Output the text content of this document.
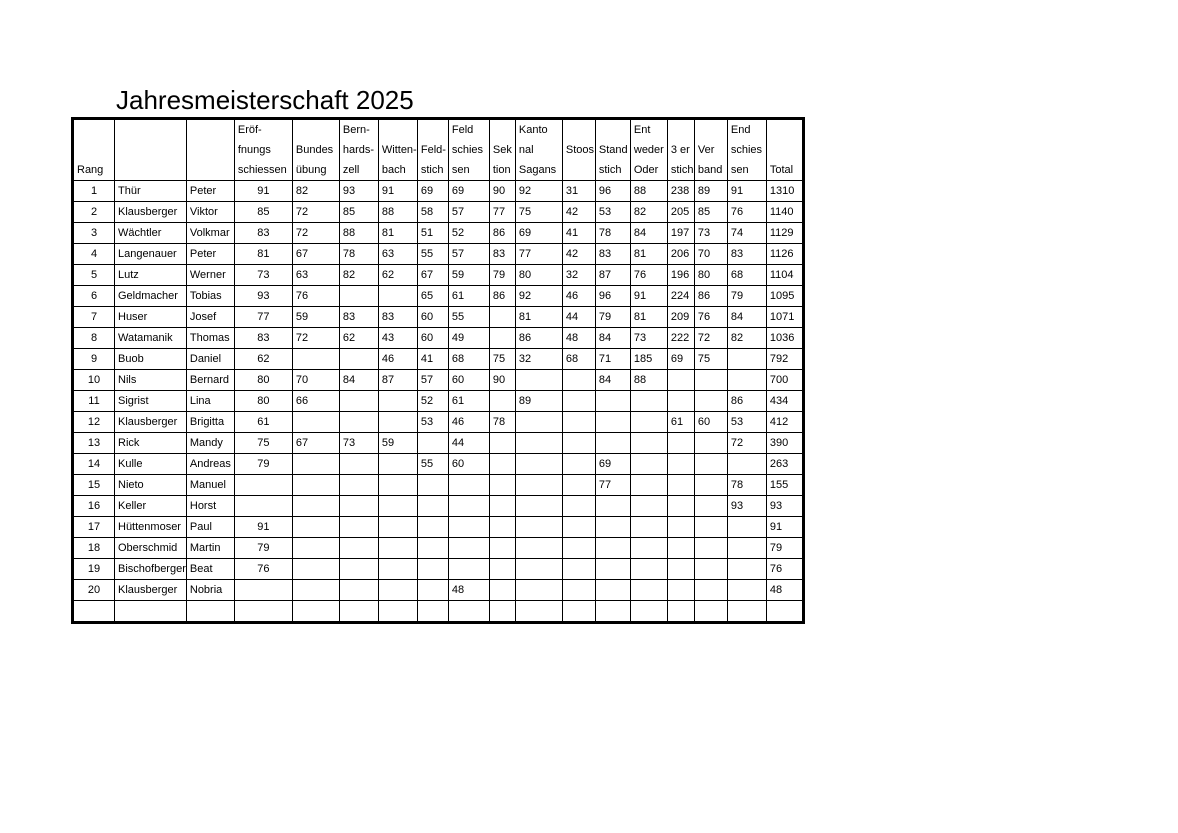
Jahresmeisterschaft 2025
			Eröf-		Bern-			Feld		Kanto			Ent			End	
			fnungs	Bundes	hards-	Witten-	Feld-	schies	Sek	nal	Stoos	Stand	weder	3 er	Ver	schies	
Rang			schiessen	übung	zell	bach	stich	sen	tion	Sagans		stich	Oder	stich	band	sen	Total
1	Thür	Peter	91	82	93	91	69	69	90	92	31	96	88	238	89	91	1310
2	Klausberger	Viktor	85	72	85	88	58	57	77	75	42	53	82	205	85	76	1140
3	Wächtler	Volkmar	83	72	88	81	51	52	86	69	41	78	84	197	73	74	1129
4	Langenauer	Peter	81	67	78	63	55	57	83	77	42	83	81	206	70	83	1126
5	Lutz	Werner	73	63	82	62	67	59	79	80	32	87	76	196	80	68	1104
6	Geldmacher	Tobias	93	76			65	61	86	92	46	96	91	224	86	79	1095
7	Huser	Josef	77	59	83	83	60	55		81	44	79	81	209	76	84	1071
8	Watamanik	Thomas	83	72	62	43	60	49		86	48	84	73	222	72	82	1036
9	Buob	Daniel	62			46	41	68	75	32	68	71	185	69	75		792
10	Nils	Bernard	80	70	84	87	57	60	90			84	88				700
11	Sigrist	Lina	80	66			52	61		89						86	434
12	Klausberger	Brigitta	61				53	46	78					61	60	53	412
13	Rick	Mandy	75	67	73	59		44								72	390
14	Kulle	Andreas	79				55	60				69					263
15	Nieto	Manuel										77				78	155
16	Keller	Horst														93	93
17	Hüttenmoser	Paul	91														91
18	Oberschmid	Martin	79														79
19	Bischofberger	Beat	76														76
20	Klausberger	Nobria						48									48
